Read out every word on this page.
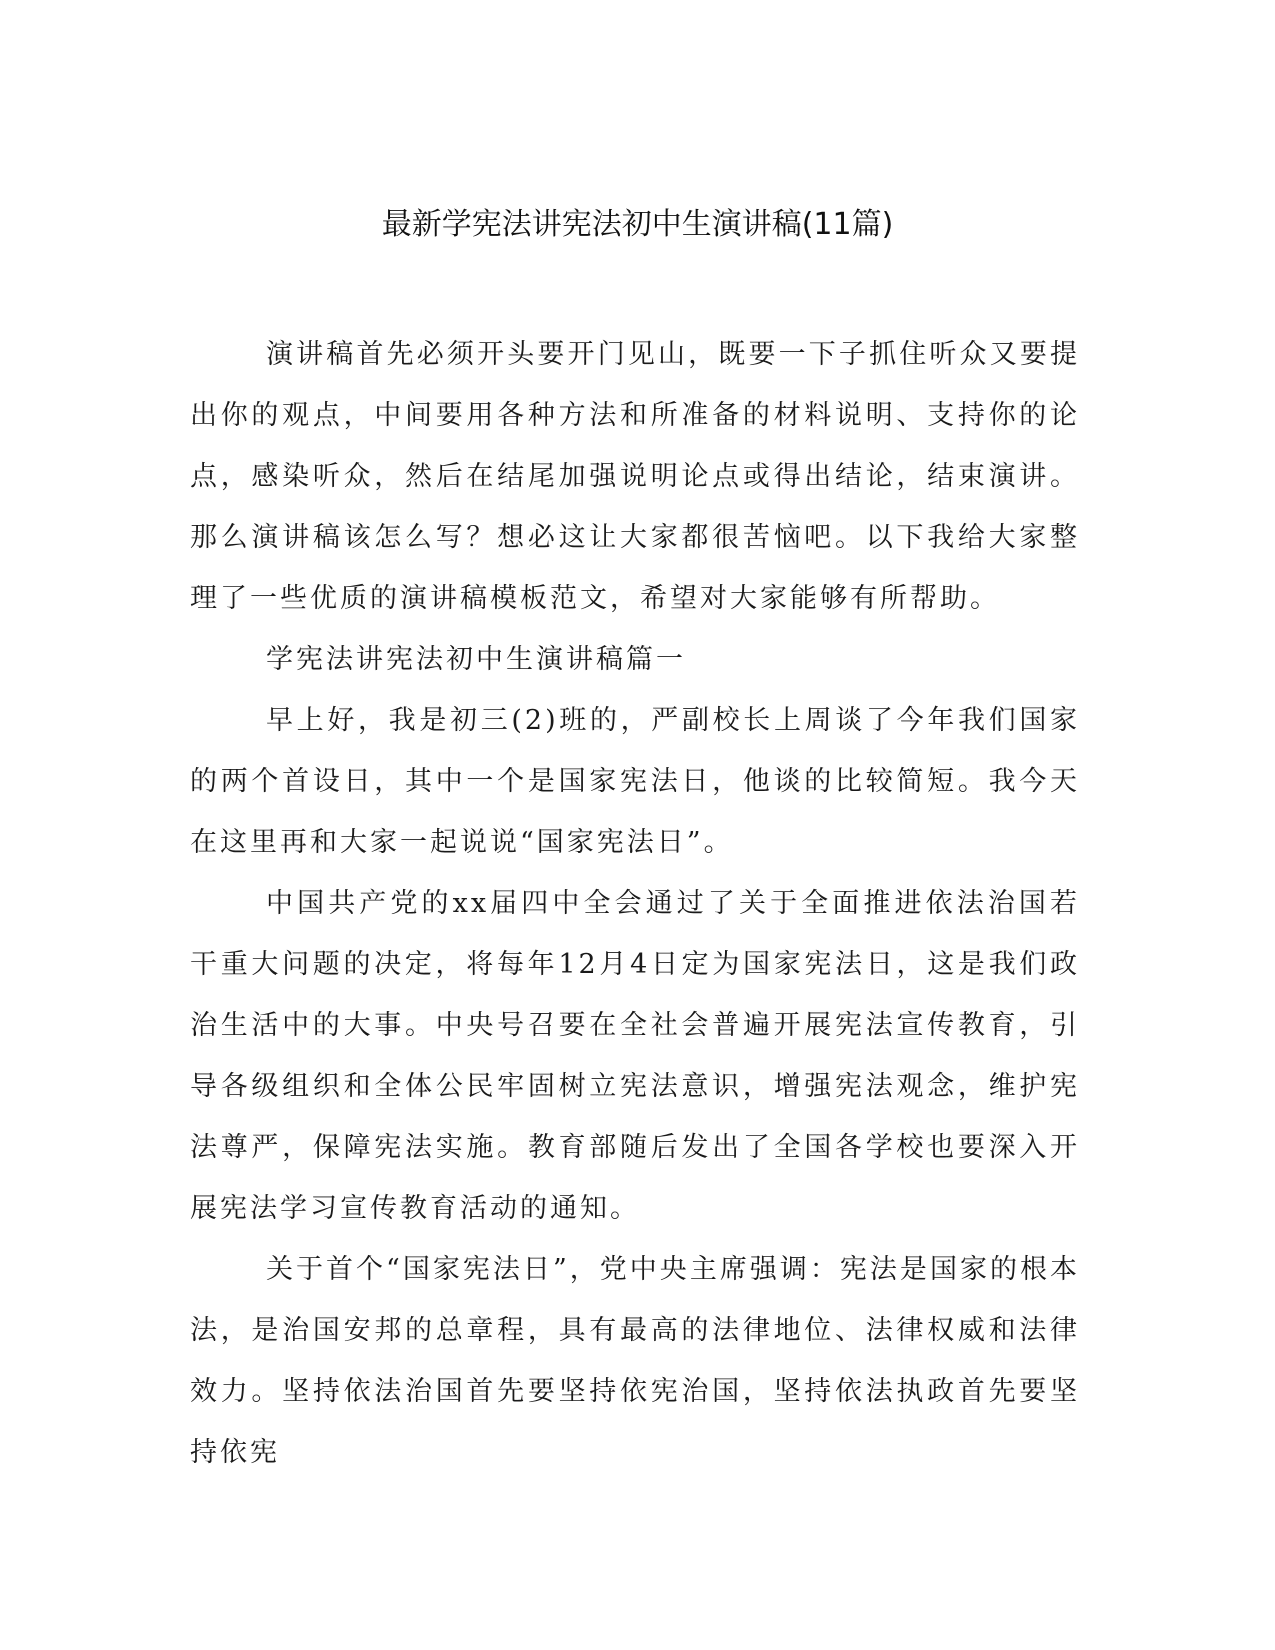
最新学宪法讲宪法初中生演讲稿(11篇)

演讲稿首先必须开头要开门见山，既要一下子抓住听众又要提出你的观点，中间要用各种方法和所准备的材料说明、支持你的论点，感染听众，然后在结尾加强说明论点或得出结论，结束演讲。那么演讲稿该怎么写？想必这让大家都很苦恼吧。以下我给大家整理了一些优质的演讲稿模板范文，希望对大家能够有所帮助。

学宪法讲宪法初中生演讲稿篇一

早上好，我是初三(2)班的，严副校长上周谈了今年我们国家的两个首设日，其中一个是国家宪法日，他谈的比较简短。我今天在这里再和大家一起说说“国家宪法日”。

中国共产党的xx届四中全会通过了关于全面推进依法治国若干重大问题的决定，将每年12月4日定为国家宪法日，这是我们政治生活中的大事。中央号召要在全社会普遍开展宪法宣传教育，引导各级组织和全体公民牢固树立宪法意识，增强宪法观念，维护宪法尊严，保障宪法实施。教育部随后发出了全国各学校也要深入开展宪法学习宣传教育活动的通知。

关于首个“国家宪法日”，党中央主席强调：宪法是国家的根本法，是治国安邦的总章程，具有最高的法律地位、法律权威和法律效力。坚持依法治国首先要坚持依宪治国，坚持依法执政首先要坚持依宪
